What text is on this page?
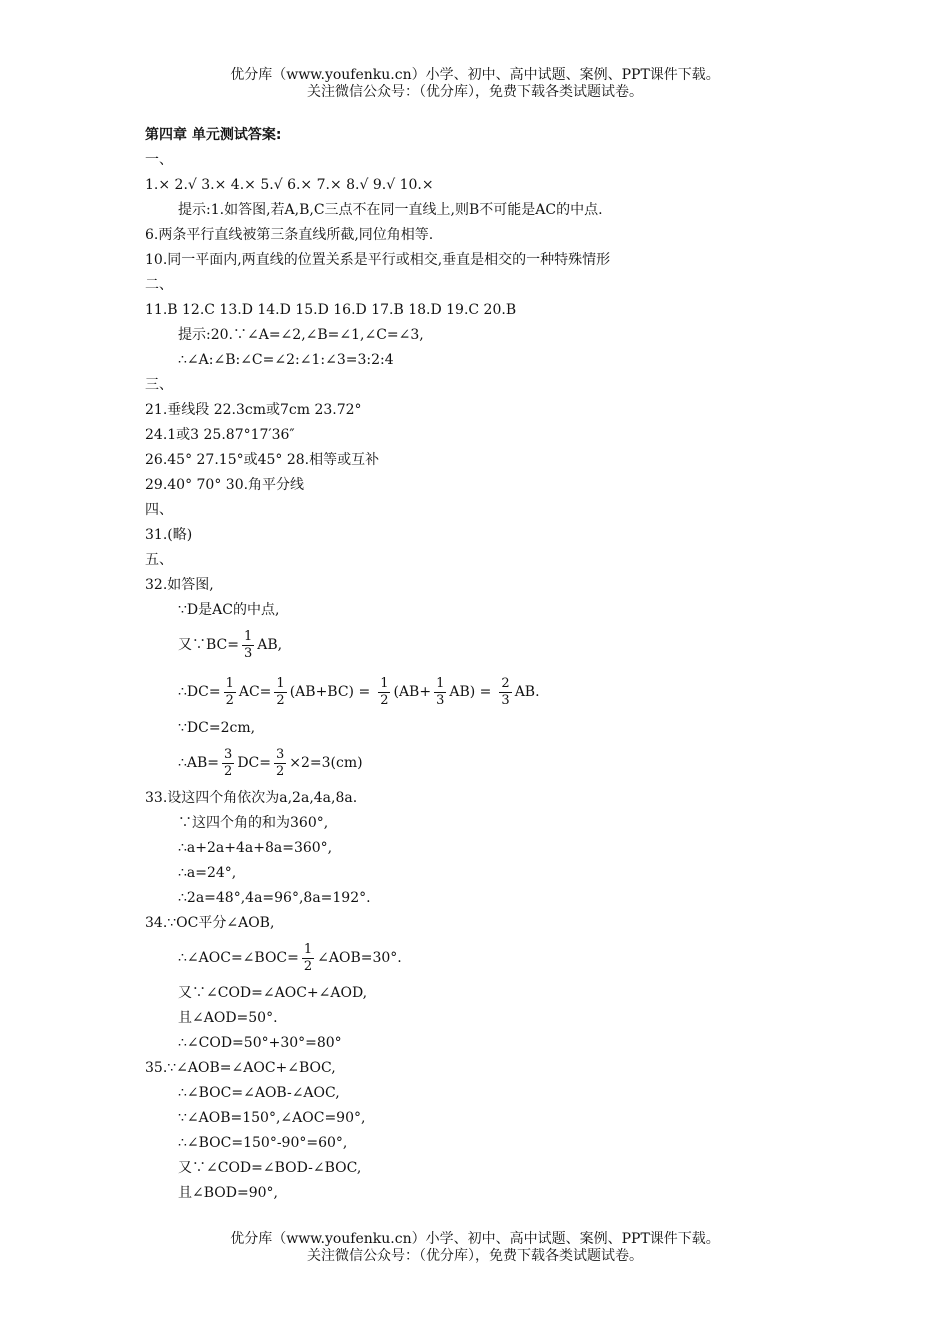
优分库（www.youfenku.cn）小学、初中、高中试题、案例、PPT课件下载。
关注微信公众号：（优分库），免费下载各类试题试卷。
第四章 单元测试答案:
一、
1.× 2.√ 3.× 4.× 5.√ 6.× 7.× 8.√ 9.√ 10.×
提示:1.如答图,若A,B,C三点不在同一直线上,则B不可能是AC的中点.
6.两条平行直线被第三条直线所截,同位角相等.
10.同一平面内,两直线的位置关系是平行或相交,垂直是相交的一种特殊情形
二、
11.B 12.C 13.D 14.D 15.D 16.D 17.B 18.D 19.C 20.B
提示:20.∵∠A=∠2,∠B=∠1,∠C=∠3,
∴∠A:∠B:∠C=∠2:∠1:∠3=3:2:4
三、
21.垂线段 22.3cm或7cm 23.72°
24.1或3 25.87°17′36″
26.45° 27.15°或45° 28.相等或互补
29.40° 70° 30.角平分线
四、
31.(略)
五、
32.如答图,
∵D是AC的中点,
又∵BC= $\frac{1}{3}$ AB,
∴DC= $\frac{1}{2} AC= \frac{1}{2} (AB+BC) = \frac{1}{2} (AB+ \frac{1}{3} AB) = \frac{2}{3}$ AB.
∵DC=2cm,
∴AB= $\frac{3}{2} DC= \frac{3}{2} \times 2=3(cm)$
33.设这四个角依次为a,2a,4a,8a.
∵这四个角的和为360°,
∴a+2a+4a+8a=360°,
∴a=24°,
∴2a=48°,4a=96°,8a=192°.
34.∵OC平分∠AOB,
∴∠AOC=∠BOC= $\frac{1}{2}$ ∠AOB=30°.
又∵∠COD=∠AOC+∠AOD,
且∠AOD=50°.
∴∠COD=50°+30°=80°
35.∵∠AOB=∠AOC+∠BOC,
∴∠BOC=∠AOB-∠AOC,
∵∠AOB=150°,∠AOC=90°,
∴∠BOC=150°-90°=60°,
又∵∠COD=∠BOD-∠BOC,
且∠BOD=90°,
优分库（www.youfenku.cn）小学、初中、高中试题、案例、PPT课件下载。
关注微信公众号：（优分库），免费下载各类试题试卷。
